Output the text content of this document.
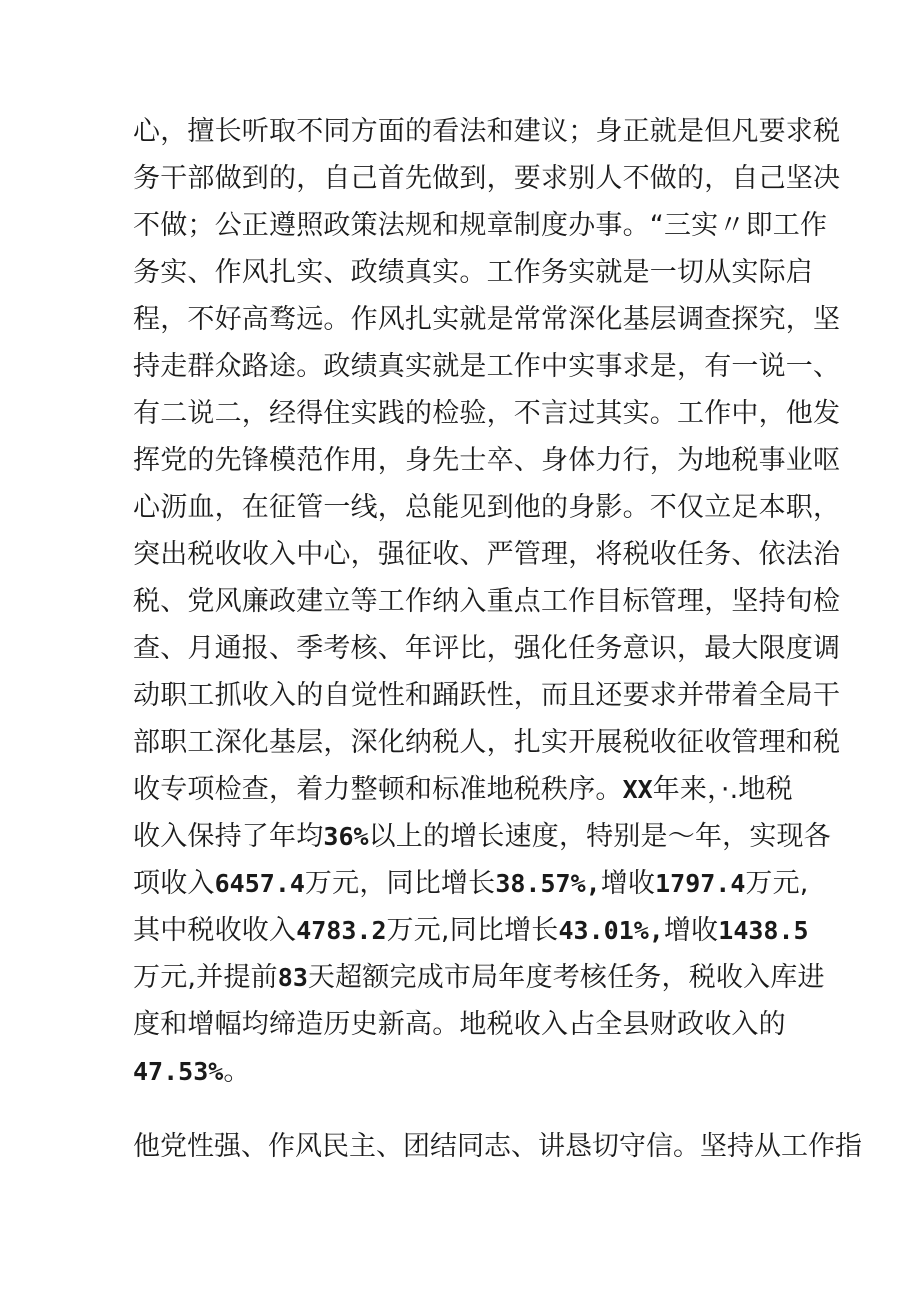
心，擅长听取不同方面的看法和建议；身正就是但凡要求税
务干部做到的，自己首先做到，要求别人不做的，自己坚决
不做；公正遵照政策法规和规章制度办事。“三实〃即工作
务实、作风扎实、政绩真实。工作务实就是一切从实际启
程，不好高骛远。作风扎实就是常常深化基层调查探究，坚
持走群众路途。政绩真实就是工作中实事求是，有一说一、
有二说二，经得住实践的检验，不言过其实。工作中，他发
挥党的先锋模范作用，身先士卒、身体力行，为地税事业呕
心沥血，在征管一线，总能见到他的身影。不仅立足本职，
突出税收收入中心，强征收、严管理，将税收任务、依法治
税、党风廉政建立等工作纳入重点工作目标管理，坚持旬检
查、月通报、季考核、年评比，强化任务意识，最大限度调
动职工抓收入的自觉性和踊跃性，而且还要求并带着全局干
部职工深化基层，深化纳税人，扎实开展税收征收管理和税
收专项检查，着力整顿和标准地税秩序。XX年来，·.地税
收入保持了年均36%以上的增长速度，特别是～年，实现各
项收入6457.4万元，同比增长38.57%,增收1797.4万元,
其中税收收入4783.2万元,同比增长43.01%,增收1438.5
万元,并提前83天超额完成市局年度考核任务，税收入库进
度和增幅均缔造历史新高。地税收入占全县财政收入的
47.53%。
他党性强、作风民主、团结同志、讲恳切守信。坚持从工作指
